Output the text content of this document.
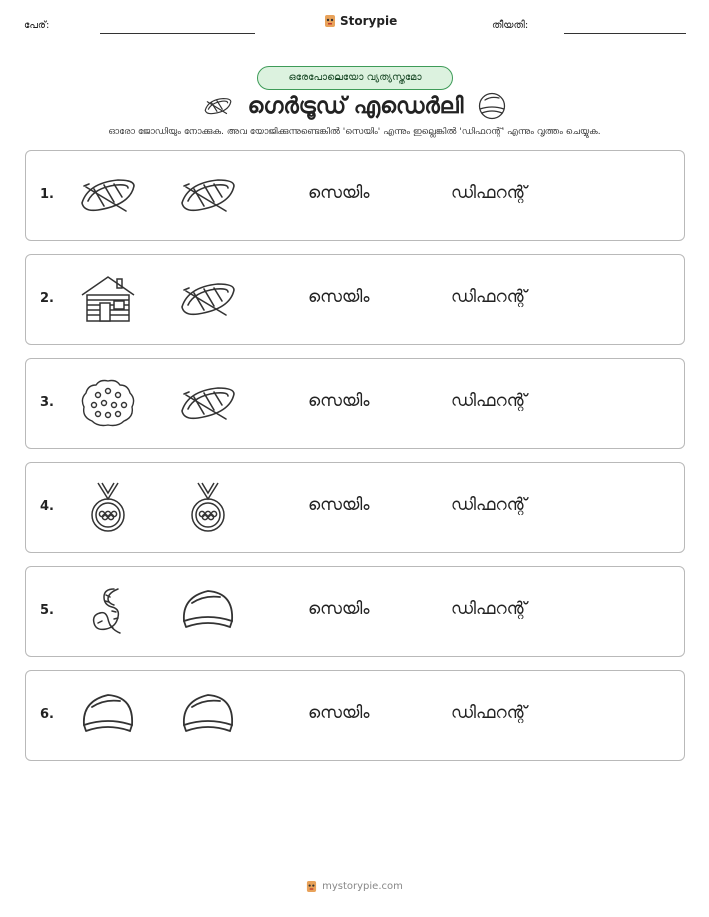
പേര്:	Storypie	തീയതി:
ഒരേപോലെയോ വ്യത്യസ്തമോ
ഗെർട്രൂഡ് എഡെർലി
ഓരോ ജോഡിയും നോക്കുക. അവ യോജിക്കുന്നുണ്ടെങ്കിൽ 'സെയിം' എന്നും ഇല്ലെങ്കിൽ 'ഡിഫറന്റ്' എന്നും വൃത്തം ചെയ്യുക.
1.	സെയിം	ഡിഫറന്റ്
2.	സെയിം	ഡിഫറന്റ്
3.	സെയിം	ഡിഫറന്റ്
4.	സെയിം	ഡിഫറന്റ്
5.	സെയിം	ഡിഫറന്റ്
6.	സെയിം	ഡിഫറന്റ്
mystorypie.com
